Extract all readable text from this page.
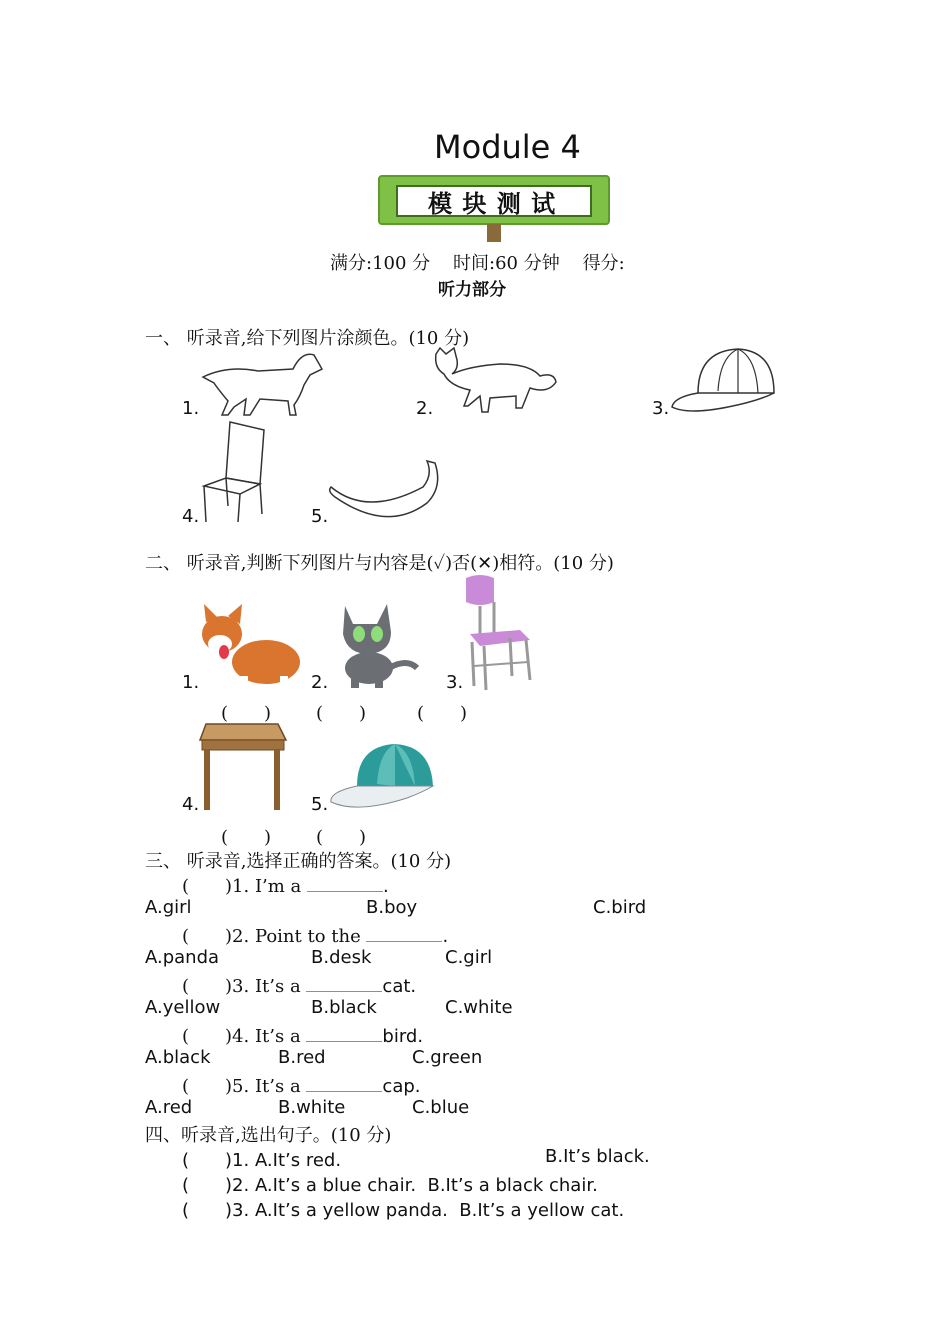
Module 4
模 块 测 试
满分:100 分    时间:60 分钟    得分:
听力部分
一、 听录音,给下列图片涂颜色。(10 分)
1.	2.	3.
4.	5.
二、 听录音,判断下列图片与内容是(✓)否(✕)相符。(10 分)
1.	2.	3.
(　　) (　　)	(　　)
4.	5.
(　　) (　　)
三、 听录音,选择正确的答案。(10 分)
(　　)1. I’m a	.
A.girl	B.boy	C.bird
(　　)2. Point to the	.
A.panda	B.desk	C.girl
(　　)3. It’s a	cat.
A.yellow	B.black	C.white
(　　)4. It’s a	bird.
A.black	B.red	C.green
(　　)5. It’s a	cap.
A.red	B.white	C.blue
四、听录音,选出句子。(10 分)
(　　)1. A.It’s red.	B.It’s black.
(　　)2. A.It’s a blue chair.  B.It’s a black chair.
(　　)3. A.It’s a yellow panda.  B.It’s a yellow cat.
